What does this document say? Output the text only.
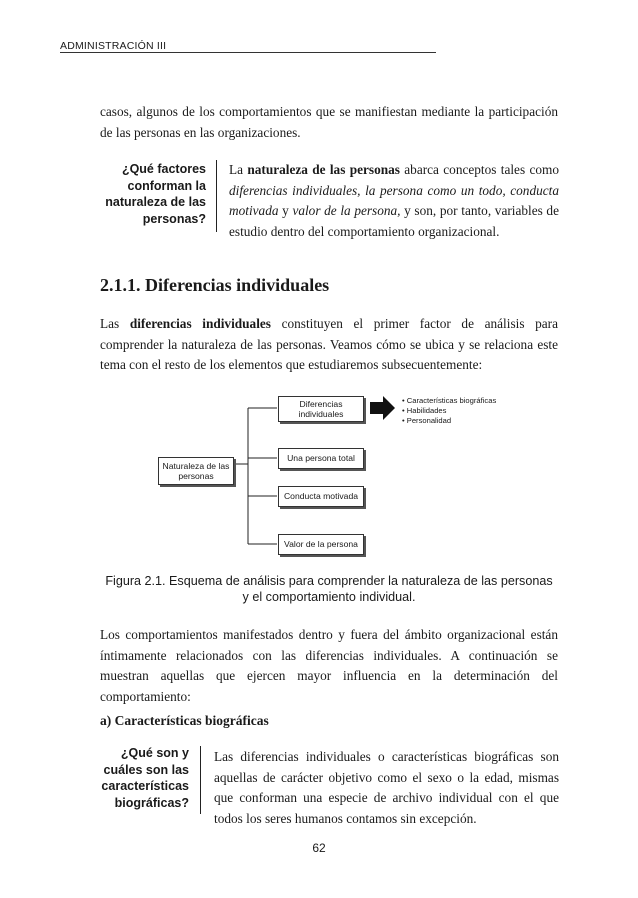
ADMINISTRACIÓN III

casos, algunos de los comportamientos que se manifiestan mediante la participación de las personas en las organizaciones.

¿Qué factores conforman la naturaleza de las personas?

La naturaleza de las personas abarca conceptos tales como diferencias individuales, la persona como un todo, conducta motivada y valor de la persona, y son, por tanto, variables de estudio dentro del comportamiento organizacional.

2.1.1. Diferencias individuales

Las diferencias individuales constituyen el primer factor de análisis para comprender la naturaleza de las personas. Veamos cómo se ubica y se relaciona este tema con el resto de los elementos que estudiaremos subsecuentemente:

Naturaleza de las personas
Diferencias individuales
Una persona total
Conducta motivada
Valor de la persona
• Características biográficas
• Habilidades
• Personalidad

Figura 2.1. Esquema de análisis para comprender la naturaleza de las personas
y el comportamiento individual.

Los comportamientos manifestados dentro y fuera del ámbito organizacional están íntimamente relacionados con las diferencias individuales. A continuación se muestran aquellas que ejercen mayor influencia en la determinación del comportamiento:

a) Características biográficas
¿Qué son y cuáles son las características biográficas?

Las diferencias individuales o características biográficas son aquellas de carácter objetivo como el sexo o la edad, mismas que conforman una especie de archivo individual con el que todos los seres humanos contamos sin excepción.

62
